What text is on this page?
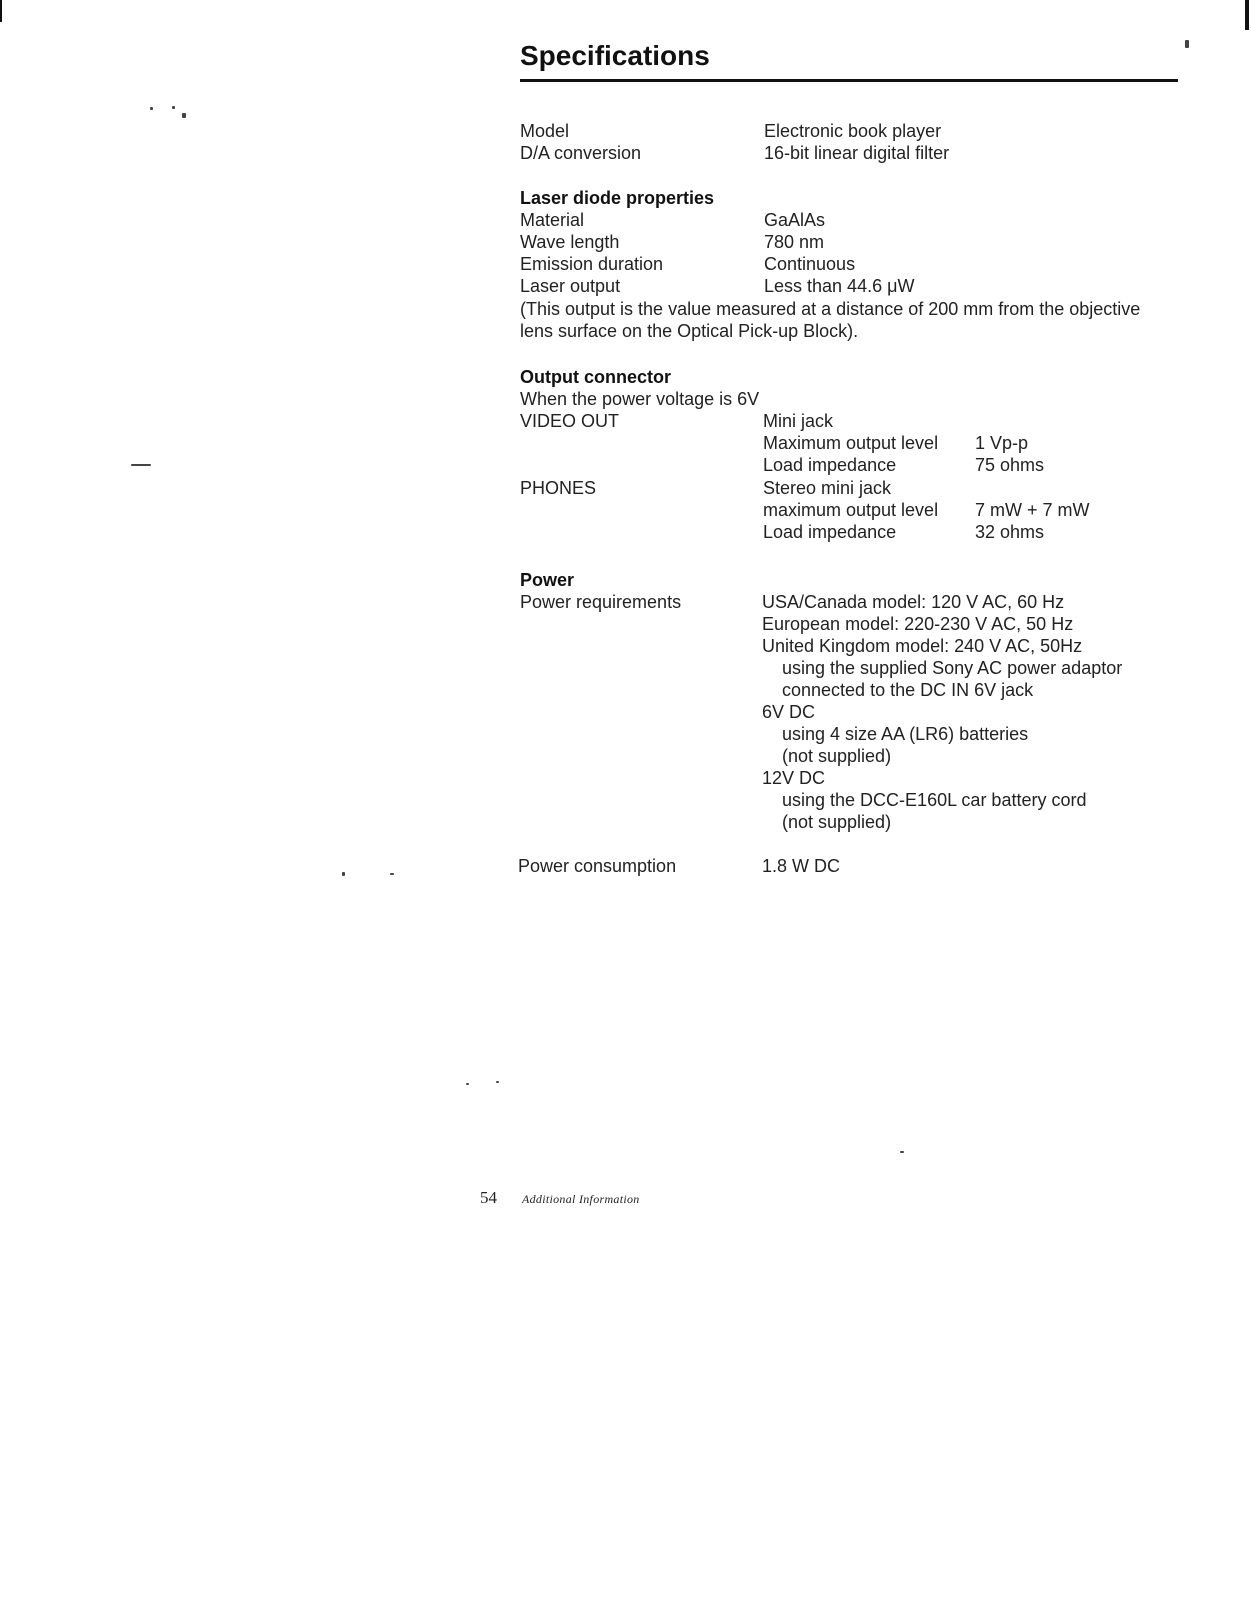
Specifications
Model	Electronic book player
D/A conversion	16-bit linear digital filter
Laser diode properties
Material	GaAlAs
Wave length	780 nm
Emission duration	Continuous
Laser output	Less than 44.6 μW
(This output is the value measured at a distance of 200 mm from the objective
lens surface on the Optical Pick-up Block).
Output connector
When the power voltage is 6V
VIDEO OUT	Mini jack
Maximum output level 1 Vp-p
Load impedance	75 ohms
PHONES	Stereo mini jack
maximum output level 7 mW + 7 mW
Load impedance	32 ohms
Power
Power requirements	USA/Canada model: 120 V AC, 60 Hz
European model: 220-230 V AC, 50 Hz
United Kingdom model: 240 V AC, 50Hz
using the supplied Sony AC power adaptor
connected to the DC IN 6V jack
6V DC
using 4 size AA (LR6) batteries
(not supplied)
12V DC
using the DCC-E160L car battery cord
(not supplied)
Power consumption	1.8 W DC
54 Additional Information
